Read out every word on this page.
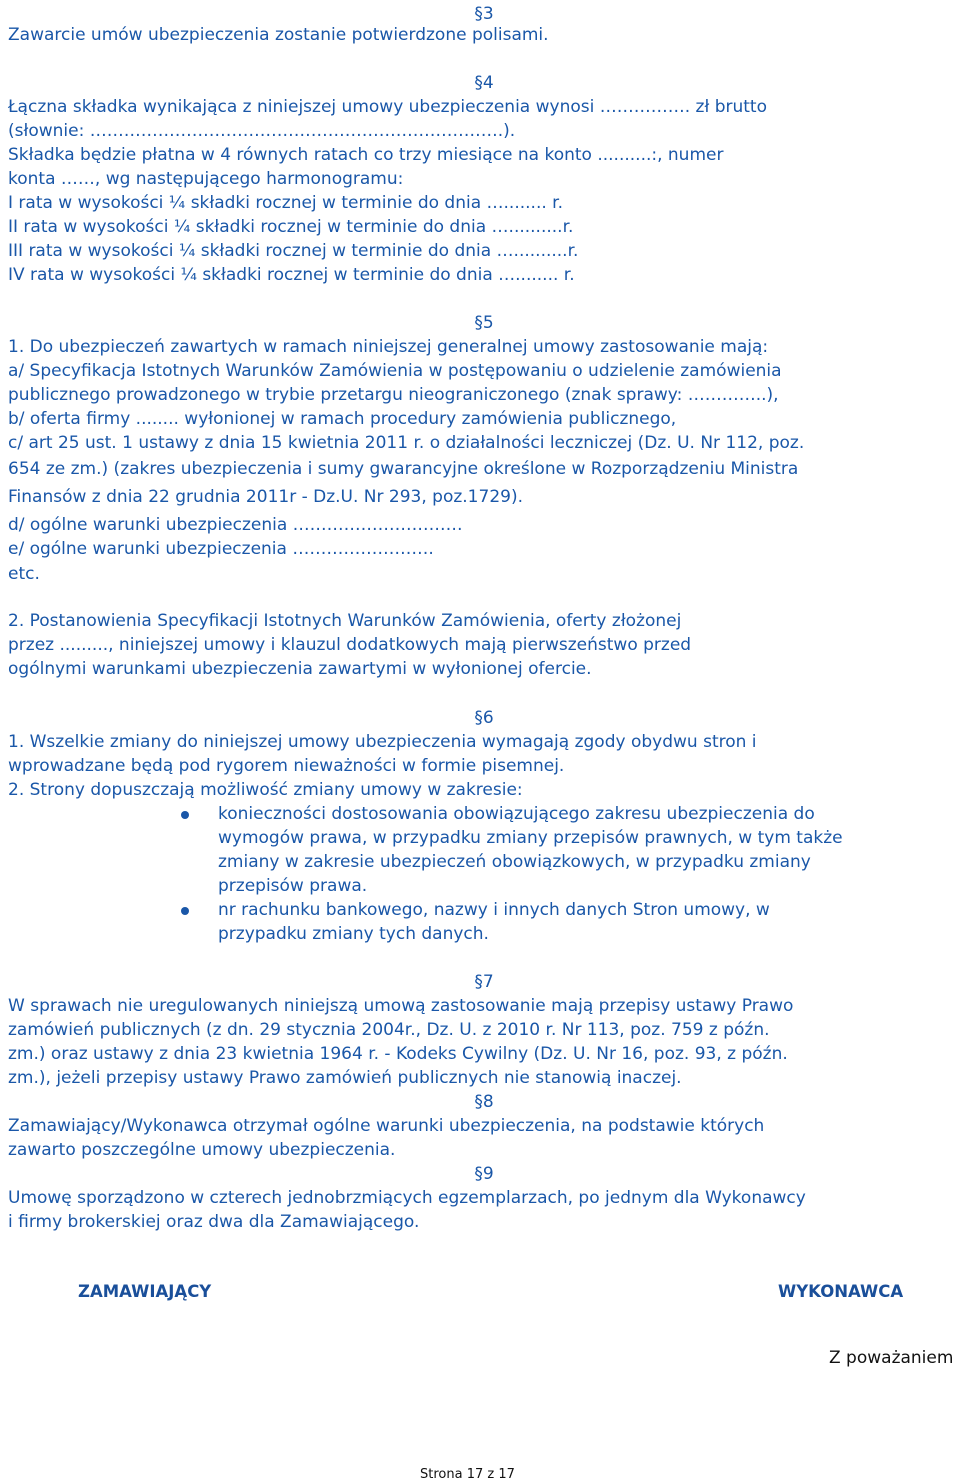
§3
Zawarcie umów ubezpieczenia zostanie potwierdzone polisami.
§4
Łączna składka wynikająca z niniejszej umowy ubezpieczenia wynosi ……………. zł brutto
(słownie: ……………………………………………………………….).
Składka będzie płatna w 4 równych ratach co trzy miesiące na konto ..........:, numer
konta ……, wg następującego harmonogramu:
I rata w wysokości ¼ składki rocznej w terminie do dnia …........ r.
II rata w wysokości ¼ składki rocznej w terminie do dnia …..........r.
III rata w wysokości ¼ składki rocznej w terminie do dnia …..........r.
IV rata w wysokości ¼ składki rocznej w terminie do dnia …........ r.
§5
1. Do ubezpieczeń zawartych w ramach niniejszej generalnej umowy zastosowanie mają:
a/ Specyfikacja Istotnych Warunków Zamówienia w postępowaniu o udzielenie zamówienia
publicznego prowadzonego w trybie przetargu nieograniczonego (znak sprawy: …………..),
b/ oferta firmy ........ wyłonionej w ramach procedury zamówienia publicznego,
c/ art 25 ust. 1 ustawy z dnia 15 kwietnia 2011 r. o działalności leczniczej (Dz. U. Nr 112, poz.
654 ze zm.) (zakres ubezpieczenia i sumy gwarancyjne określone w Rozporządzeniu Ministra
Finansów z dnia 22 grudnia 2011r - Dz.U. Nr 293, poz.1729).
d/ ogólne warunki ubezpieczenia …………………………
e/ ogólne warunki ubezpieczenia …………………….
etc.
2. Postanowienia Specyfikacji Istotnych Warunków Zamówienia, oferty złożonej
przez ........., niniejszej umowy i klauzul dodatkowych mają pierwszeństwo przed
ogólnymi warunkami ubezpieczenia zawartymi w wyłonionej ofercie.
§6
1. Wszelkie zmiany do niniejszej umowy ubezpieczenia wymagają zgody obydwu stron i
wprowadzane będą pod rygorem nieważności w formie pisemnej.
2. Strony dopuszczają możliwość zmiany umowy w zakresie:
konieczności dostosowania obowiązującego zakresu ubezpieczenia do
wymogów prawa, w przypadku zmiany przepisów prawnych, w tym także
zmiany w zakresie ubezpieczeń obowiązkowych, w przypadku zmiany
przepisów prawa.
nr rachunku bankowego, nazwy i innych danych Stron umowy, w
przypadku zmiany tych danych.
§7
W sprawach nie uregulowanych niniejszą umową zastosowanie mają przepisy ustawy Prawo
zamówień publicznych (z dn. 29 stycznia 2004r., Dz. U. z 2010 r. Nr 113, poz. 759 z późn.
zm.) oraz ustawy z dnia 23 kwietnia 1964 r. - Kodeks Cywilny (Dz. U. Nr 16, poz. 93, z późn.
zm.), jeżeli przepisy ustawy Prawo zamówień publicznych nie stanowią inaczej.
§8
Zamawiający/Wykonawca otrzymał ogólne warunki ubezpieczenia, na podstawie których
zawarto poszczególne umowy ubezpieczenia.
§9
Umowę sporządzono w czterech jednobrzmiących egzemplarzach, po jednym dla Wykonawcy
i firmy brokerskiej oraz dwa dla Zamawiającego.
ZAMAWIAJĄCY	WYKONAWCA
Z poważaniem
Strona 17 z 17
